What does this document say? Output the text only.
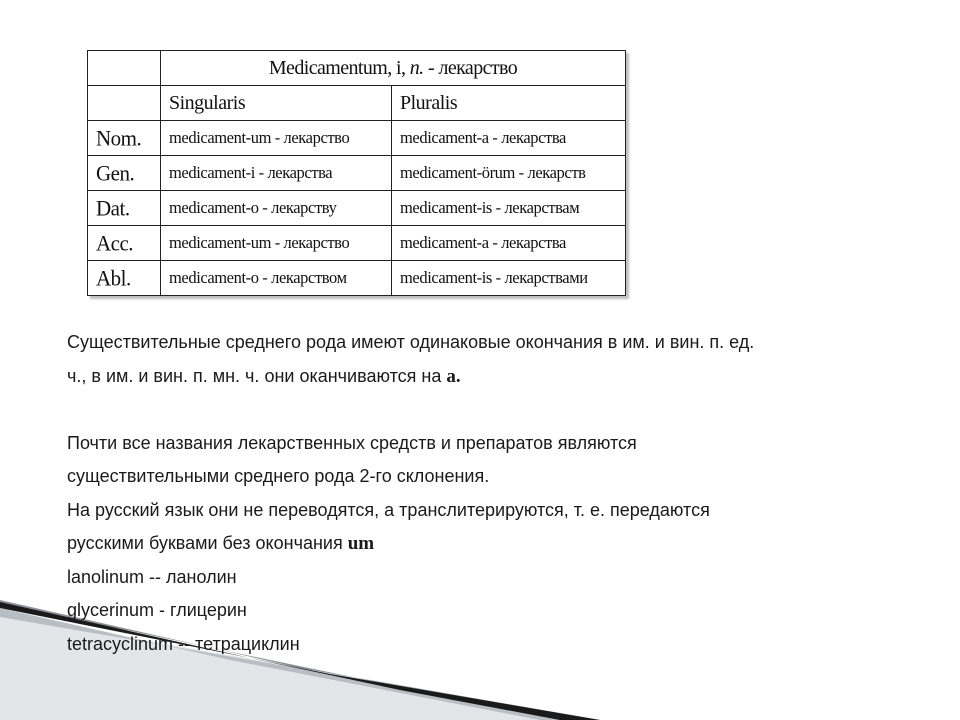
	Medicamentum, i, n. - лекарство	
	Singularis	Pluralis
Nom.	medicament-um - лекарство	medicament-a - лекарства
Gen.	medicament-i - лекарства	medicament-örum - лекарств
Dat.	medicament-o - лекарству	medicament-is - лекарствам
Acc.	medicament-um - лекарство	medicament-a - лекарства
Abl.	medicament-o - лекарством	medicament-is - лекарствами
Существительные среднего рода имеют одинаковые окончания в им. и вин. п. ед.
ч., в им. и вин. п. мн. ч. они оканчиваются на а.
Почти все названия лекарственных средств и препаратов являются
существительными среднего рода 2-го склонения.
На русский язык они не переводятся, а транслитерируются, т. е. передаются
русскими буквами без окончания um
lanolinum -- ланолин
glycerinum - глицерин
tetracyclinum -- тетрациклин
